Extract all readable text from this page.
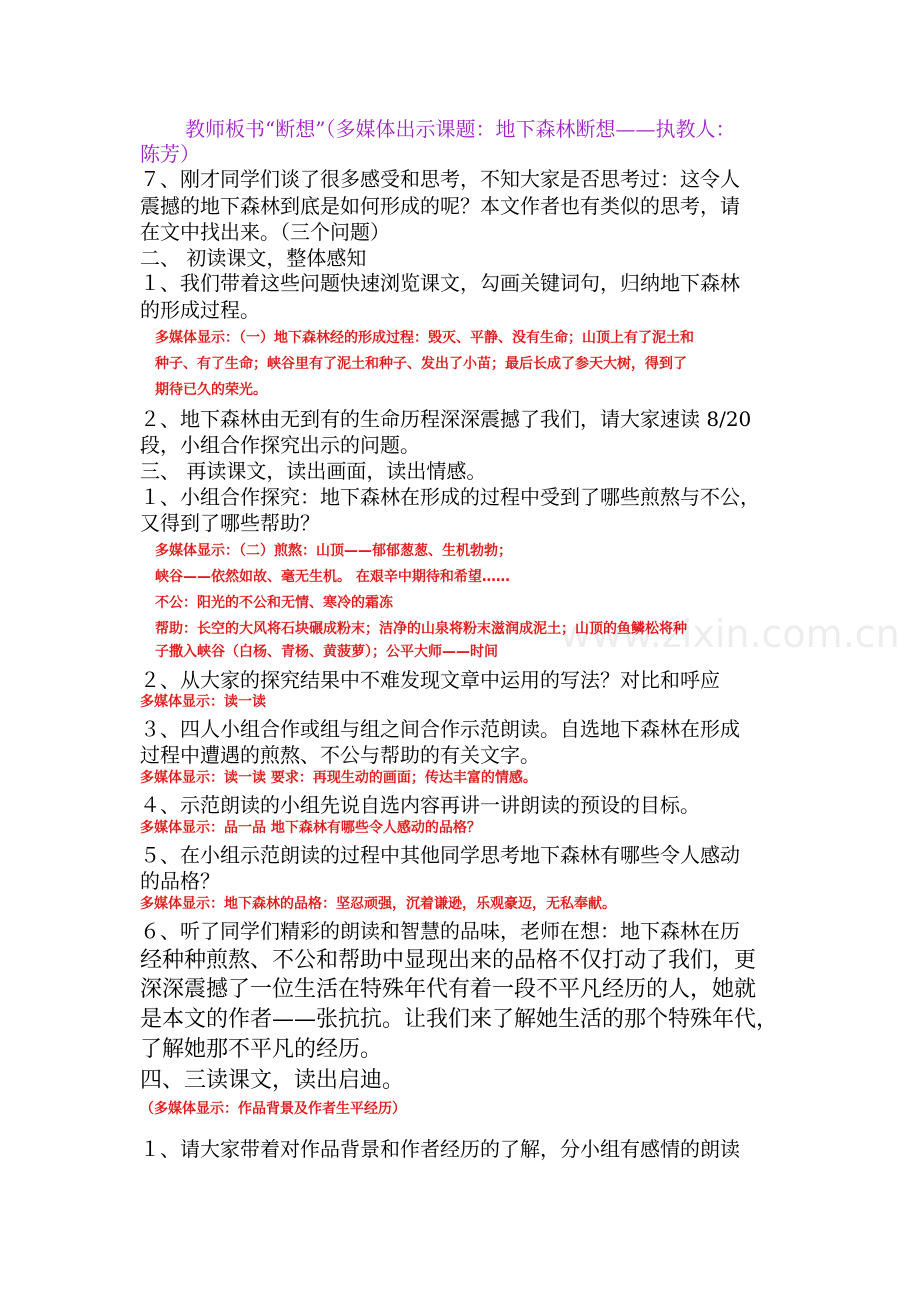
教师板书“断想”（多媒体出示课题：地下森林断想——执教人：
陈芳）
７、刚才同学们谈了很多感受和思考，不知大家是否思考过：这令人
震撼的地下森林到底是如何形成的呢？本文作者也有类似的思考，请
在文中找出来。（三个问题）
二、 初读课文，整体感知
１、我们带着这些问题快速浏览课文，勾画关键词句，归纳地下森林
的形成过程。
多媒体显示：（一）地下森林经的形成过程：毁灭、平静、没有生命；山顶上有了泥土和
种子、有了生命；峡谷里有了泥土和种子、发出了小苗；最后长成了参天大树，得到了
期待已久的荣光。
２、地下森林由无到有的生命历程深深震撼了我们，请大家速读 8/20
段，小组合作探究出示的问题。
三、 再读课文，读出画面，读出情感。
１、小组合作探究：地下森林在形成的过程中受到了哪些煎熬与不公，
又得到了哪些帮助？
多媒体显示：（二）煎熬：山顶——郁郁葱葱、生机勃勃；
峡谷——依然如故、毫无生机。 在艰辛中期待和希望……
不公：阳光的不公和无情、寒冷的霜冻
帮助：长空的大风将石块碾成粉末；洁净的山泉将粉末滋润成泥土；山顶的鱼鳞松将种
子撒入峡谷（白杨、青杨、黄菠萝）；公平大师——时间
２、从大家的探究结果中不难发现文章中运用的写法？对比和呼应
多媒体显示：读一读
３、四人小组合作或组与组之间合作示范朗读。自选地下森林在形成
过程中遭遇的煎熬、不公与帮助的有关文字。
多媒体显示：读一读 要求：再现生动的画面；传达丰富的情感。
４、示范朗读的小组先说自选内容再讲一讲朗读的预设的目标。
多媒体显示：品一品 地下森林有哪些令人感动的品格？
５、在小组示范朗读的过程中其他同学思考地下森林有哪些令人感动
的品格？
多媒体显示：地下森林的品格：坚忍顽强，沉着谦逊，乐观豪迈，无私奉献。
６、听了同学们精彩的朗读和智慧的品味，老师在想：地下森林在历
经种种煎熬、不公和帮助中显现出来的品格不仅打动了我们，更
深深震撼了一位生活在特殊年代有着一段不平凡经历的人，她就
是本文的作者——张抗抗。让我们来了解她生活的那个特殊年代，
了解她那不平凡的经历。
四、三读课文，读出启迪。
（多媒体显示：作品背景及作者生平经历）
１、请大家带着对作品背景和作者经历的了解，分小组有感情的朗读
www.zixin.com.cn
